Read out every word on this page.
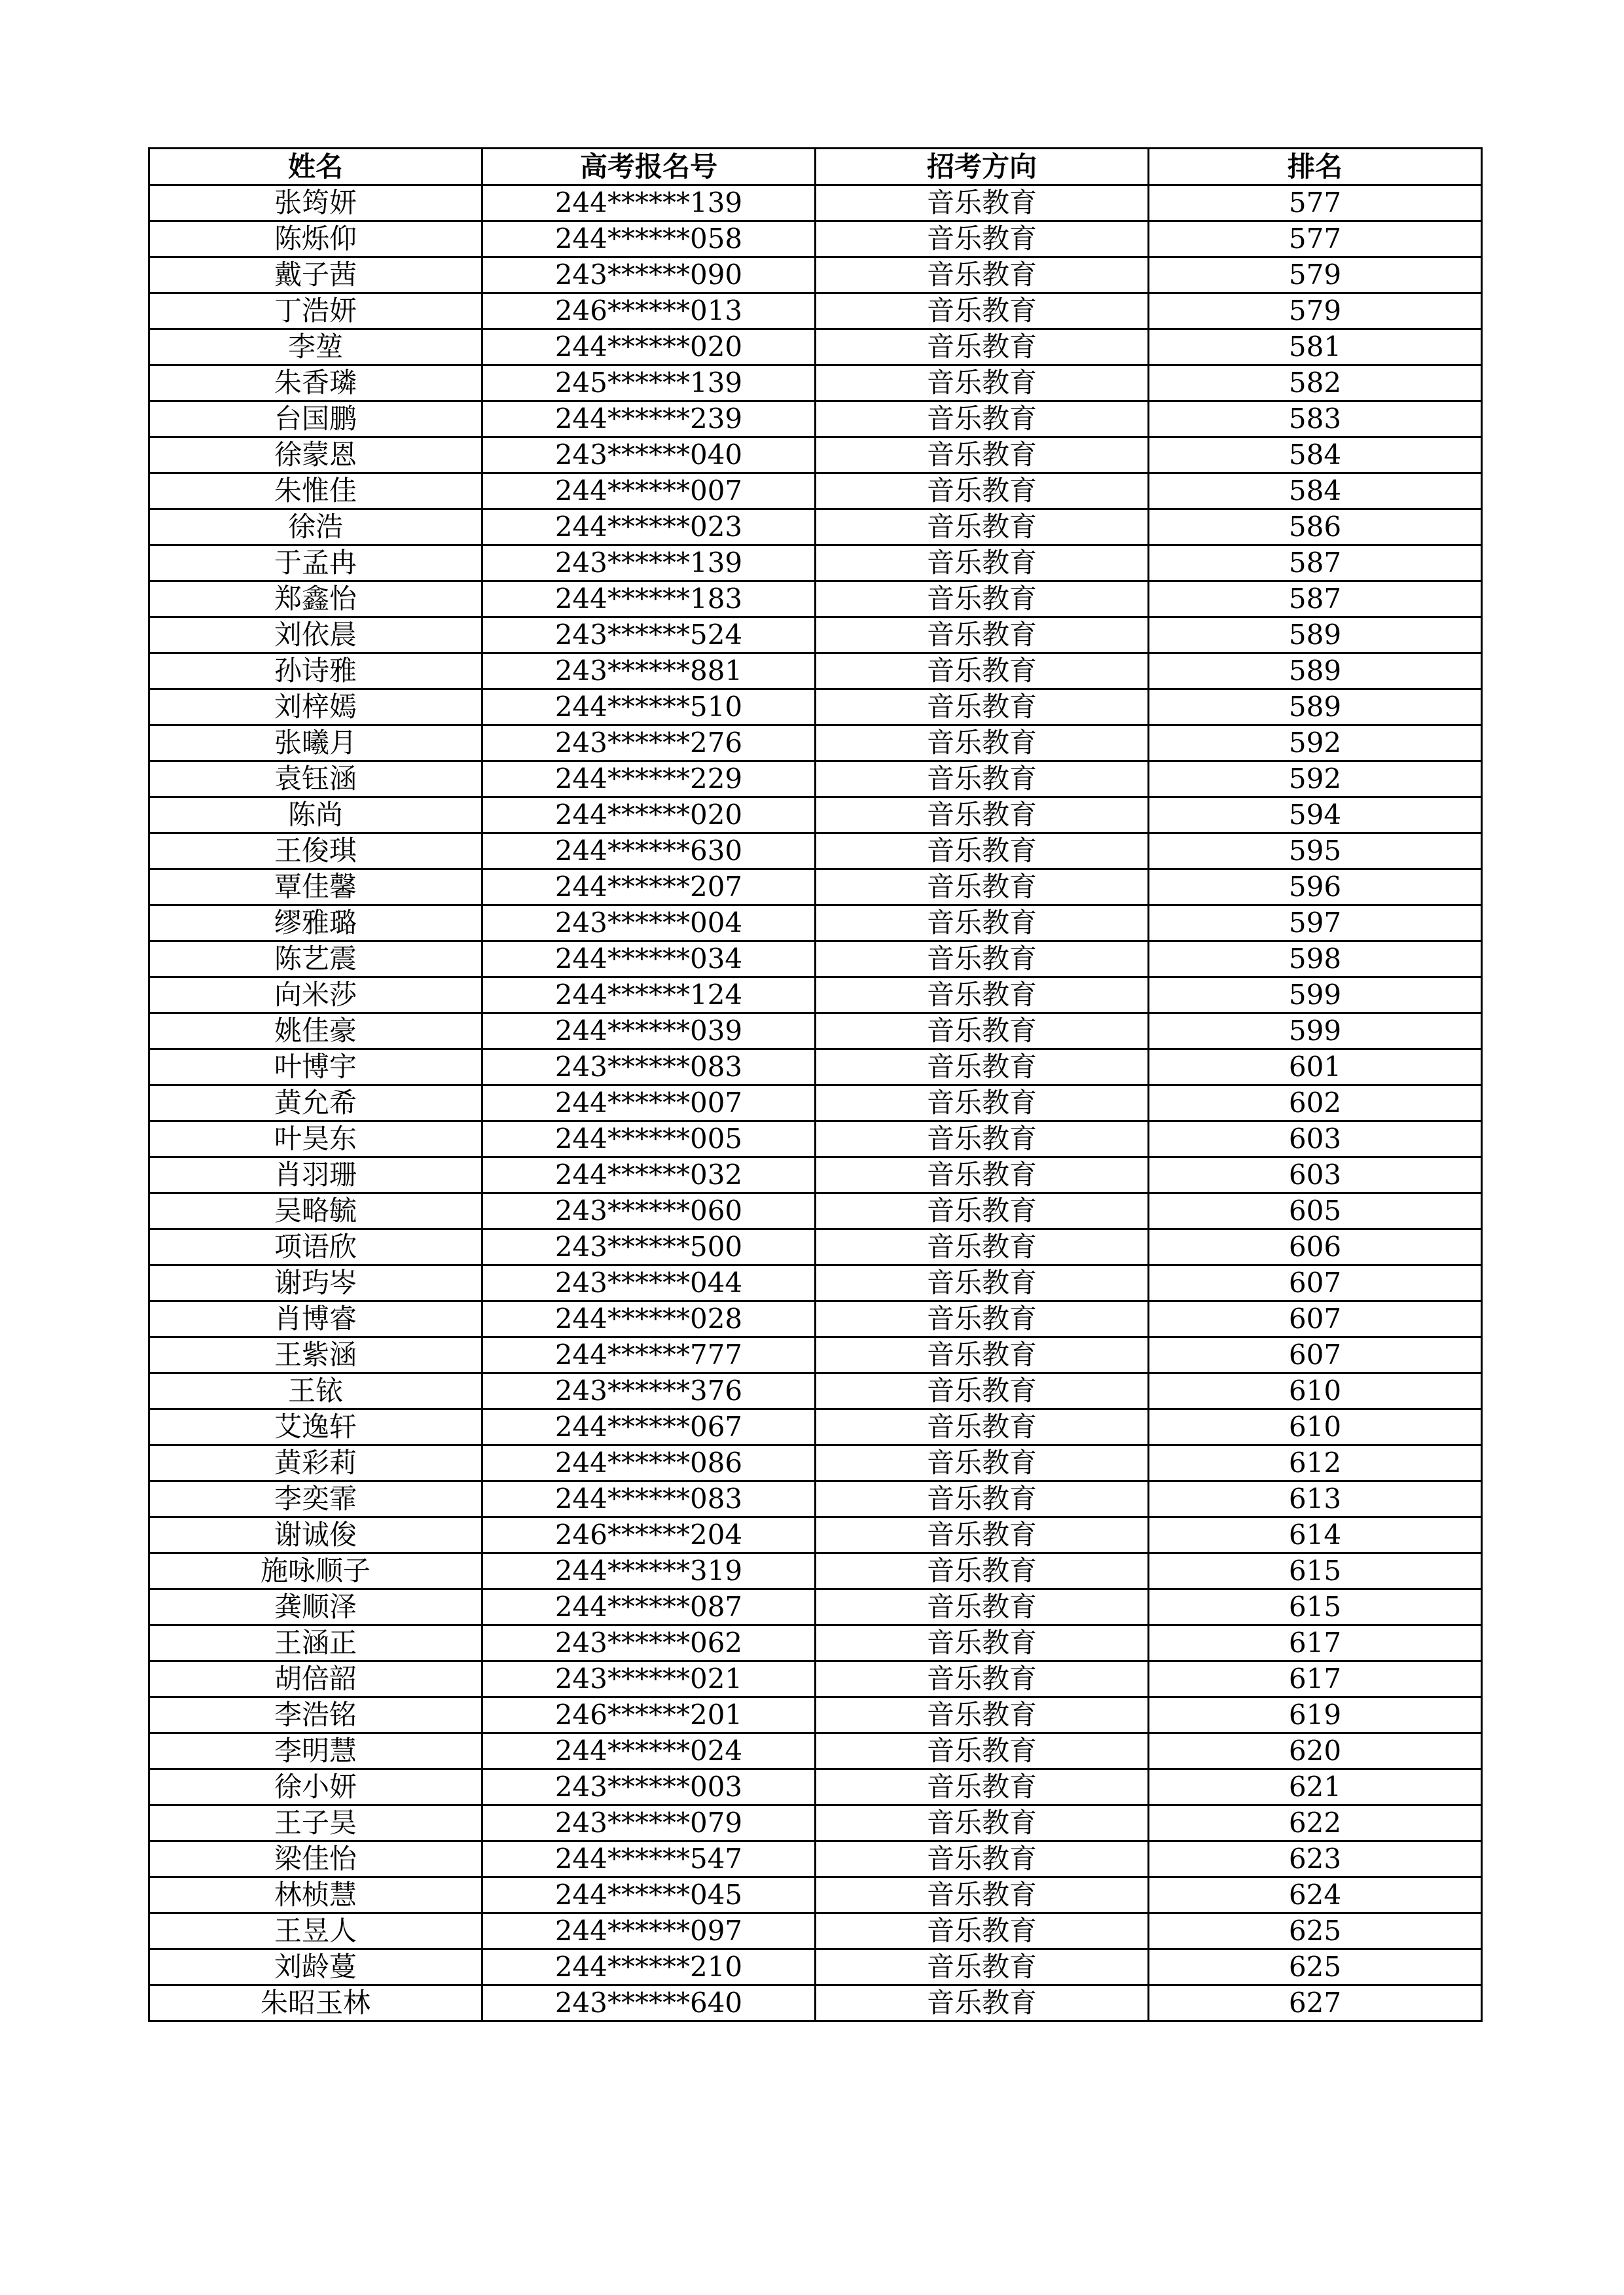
姓名	高考报名号	招考方向	排名
张筠妍	244******139	音乐教育	577
陈烁仰	244******058	音乐教育	577
戴子茜	243******090	音乐教育	579
丁浩妍	246******013	音乐教育	579
李堃	244******020	音乐教育	581
朱香璘	245******139	音乐教育	582
台国鹏	244******239	音乐教育	583
徐蒙恩	243******040	音乐教育	584
朱惟佳	244******007	音乐教育	584
徐浩	244******023	音乐教育	586
于孟冉	243******139	音乐教育	587
郑鑫怡	244******183	音乐教育	587
刘依晨	243******524	音乐教育	589
孙诗雅	243******881	音乐教育	589
刘梓嫣	244******510	音乐教育	589
张曦月	243******276	音乐教育	592
袁钰涵	244******229	音乐教育	592
陈尚	244******020	音乐教育	594
王俊琪	244******630	音乐教育	595
覃佳馨	244******207	音乐教育	596
缪雅璐	243******004	音乐教育	597
陈艺震	244******034	音乐教育	598
向米莎	244******124	音乐教育	599
姚佳豪	244******039	音乐教育	599
叶博宇	243******083	音乐教育	601
黄允希	244******007	音乐教育	602
叶昊东	244******005	音乐教育	603
肖羽珊	244******032	音乐教育	603
吴略毓	243******060	音乐教育	605
项语欣	243******500	音乐教育	606
谢玙岑	243******044	音乐教育	607
肖博睿	244******028	音乐教育	607
王紫涵	244******777	音乐教育	607
王铱	243******376	音乐教育	610
艾逸轩	244******067	音乐教育	610
黄彩莉	244******086	音乐教育	612
李奕霏	244******083	音乐教育	613
谢诚俊	246******204	音乐教育	614
施咏顺子	244******319	音乐教育	615
龚顺泽	244******087	音乐教育	615
王涵正	243******062	音乐教育	617
胡倍韶	243******021	音乐教育	617
李浩铭	246******201	音乐教育	619
李明慧	244******024	音乐教育	620
徐小妍	243******003	音乐教育	621
王子昊	243******079	音乐教育	622
梁佳怡	244******547	音乐教育	623
林桢慧	244******045	音乐教育	624
王昱人	244******097	音乐教育	625
刘龄蔓	244******210	音乐教育	625
朱昭玉林	243******640	音乐教育	627
